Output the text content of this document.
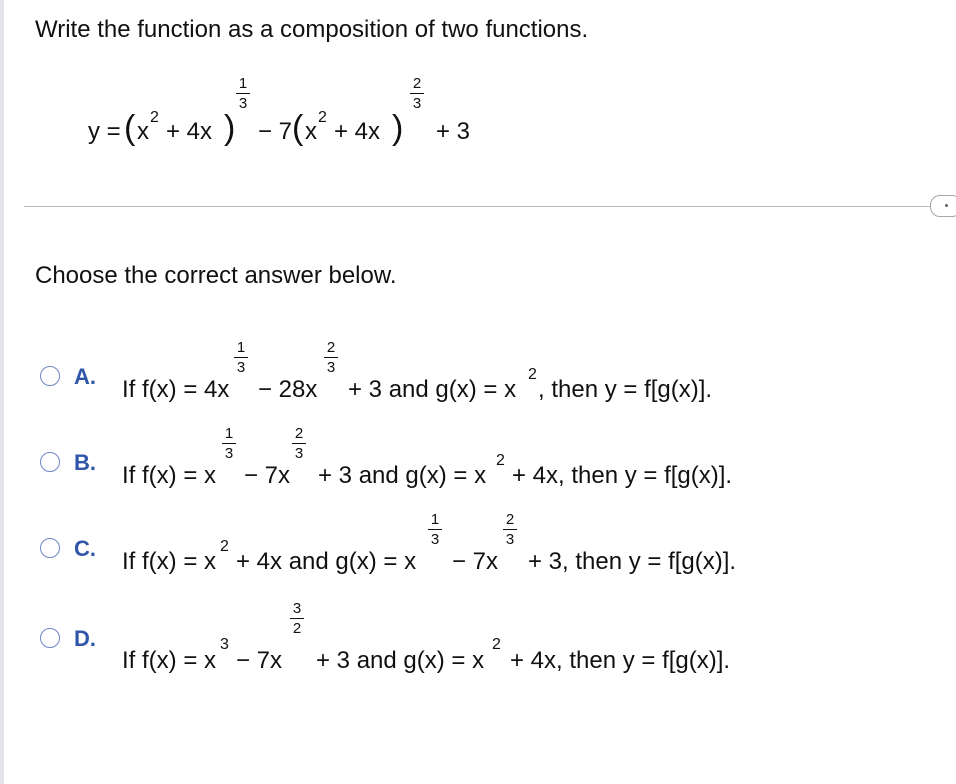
Write the function as a composition of two functions.
y = ( x
2
+ 4x )
1
3
− 7 ( x
2
+ 4x )
2
3
+ 3
Choose the correct answer below.
A. If f(x) = 4x
1
3
− 28x
2
3
+ 3 and g(x) = x
2
, then y = f[g(x)].
B. If f(x) = x
1
3
− 7x
2
3
+ 3 and g(x) = x
2
+ 4x, then y = f[g(x)].
C. If f(x) = x
2
+ 4x and g(x) = x
1
3
− 7x
2
3
+ 3, then y = f[g(x)].
D.
If f(x) = x
3
− 7x
3
2
+ 3 and g(x) = x
2
+ 4x, then y = f[g(x)].
